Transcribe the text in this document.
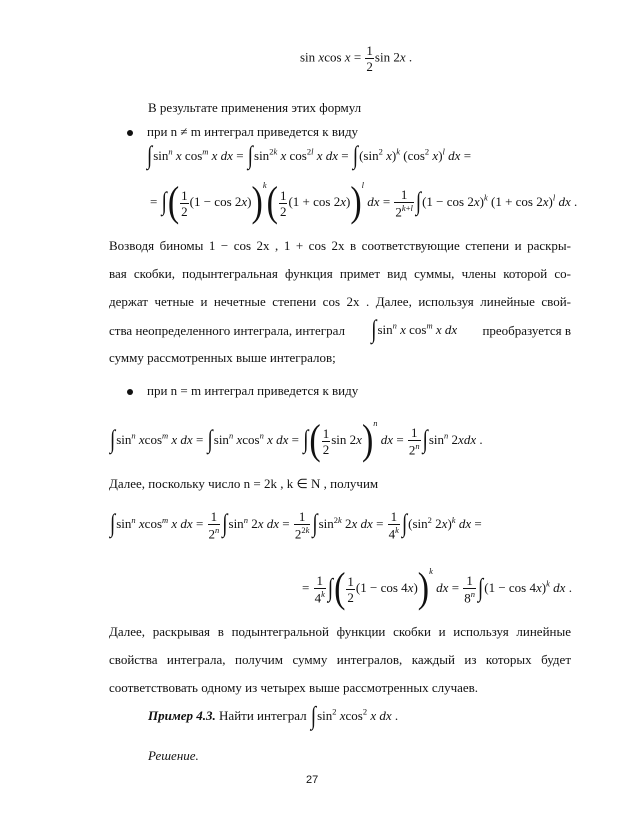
sin xcos $x = \frac{1}{2}$ sin 2x .
В результате применения этих формул
при n ≠ m интеграл приведется к виду
$\int\sin^n$ x $\cos^m x$ dx = $\int\sin^{2k}$ x $\cos^{2l} x$ dx = $\int(\sin^2$ x)$^k$ ($\cos^2$ x)$^l$ dx =
= ∫( $\frac{1}{2} (1 - \cos 2x))^k( \frac{1}{2} (1 + \cos 2x))^l$ dx = $\frac{1}{2^{k+l}} \int(1 - \cos 2x)^k$ $(1 + \cos 2x)^l$ dx .
Возводя биномы 1 − cos 2x , 1 + cos 2x в соответствующие степени и раскры-
вая скобки, подынтегральная функция примет вид суммы, члены которой со-
держат четные и нечетные степени cos 2x . Далее, используя линейные свой-
ства неопределенного интеграла, интеграл $\int\sin^n$ x $\cos^m x$ dx преобразуется в
сумму рассмотренных выше интегралов;
при n = m интеграл приведется к виду
$\int\sin^n$ xcos$^m$ x dx = $\int\sin^n$ xcos$^n$ x dx = ∫( $\frac{1}{2}$ sin 2x)$^n$ dx = $\frac{1}{2^n} \int\sin^n$ 2xdx .
Далее, поскольку число n = 2k , k ∈ N , получим
$\int\sin^n$ xcos$^m$ x dx = $\frac{1}{2^n} \int\sin^n$ 2x dx = $\frac{1}{2^{2k}} \int\sin^{2k}$ 2x dx = $\frac{1}{4^k} \int(\sin^2$ 2x)$^k$ dx =
= $\frac{1}{4^k}$ ∫( $\frac{1}{2} (1 - \cos 4x))^k$ dx = $\frac{1}{8^n} \int(1 - \cos 4x)^k$ dx .
Далее, раскрывая в подынтегральной функции скобки и используя линейные
свойства интеграла, получим сумму интегралов, каждый из которых будет
соответствовать одному из четырех выше рассмотренных случаев.
Пример 4.3. Найти интеграл $\int\sin^2$ xcos$^2$ x dx .
Решение.
27
